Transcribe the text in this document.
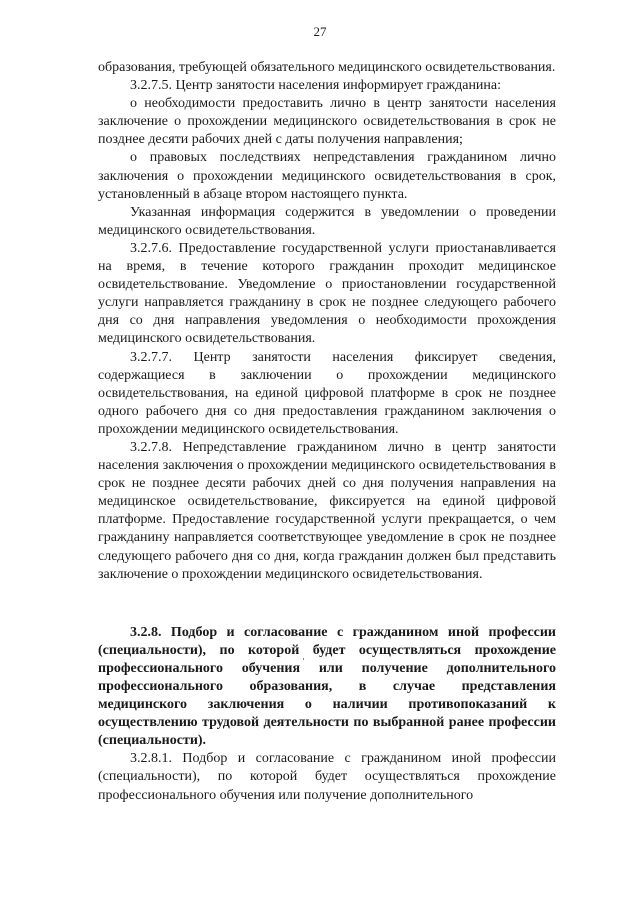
27

образования, требующей обязательного медицинского освидетельствования.

3.2.7.5. Центр занятости населения информирует гражданина:

о необходимости предоставить лично в центр занятости населения заключение о прохождении медицинского освидетельствования в срок не позднее десяти рабочих дней с даты получения направления;

о правовых последствиях непредставления гражданином лично заключения о прохождении медицинского освидетельствования в срок, установленный в абзаце втором настоящего пункта.

Указанная информация содержится в уведомлении о проведении медицинского освидетельствования.

3.2.7.6. Предоставление государственной услуги приостанавливается на время, в течение которого гражданин проходит медицинское освидетельствование. Уведомление о приостановлении государственной услуги направляется гражданину в срок не позднее следующего рабочего дня со дня направления уведомления о необходимости прохождения медицинского освидетельствования.

3.2.7.7. Центр занятости населения фиксирует сведения, содержащиеся в заключении о прохождении медицинского освидетельствования, на единой цифровой платформе в срок не позднее одного рабочего дня со дня предоставления гражданином заключения о прохождении медицинского освидетельствования.

3.2.7.8. Непредставление гражданином лично в центр занятости населения заключения о прохождении медицинского освидетельствования в срок не позднее десяти рабочих дней со дня получения направления на медицинское освидетельствование, фиксируется на единой цифровой платформе. Предоставление государственной услуги прекращается, о чем гражданину направляется соответствующее уведомление в срок не позднее следующего рабочего дня со дня, когда гражданин должен был представить заключение о прохождении медицинского освидетельствования.

3.2.8. Подбор и согласование с гражданином иной профессии (специальности), по которой будет осуществляться прохождение профессионального обучения или получение дополнительного профессионального образования, в случае представления медицинского заключения о наличии противопоказаний к осуществлению трудовой деятельности по выбранной ранее профессии (специальности).

3.2.8.1. Подбор и согласование с гражданином иной профессии (специальности), по которой будет осуществляться прохождение профессионального обучения или получение дополнительного
